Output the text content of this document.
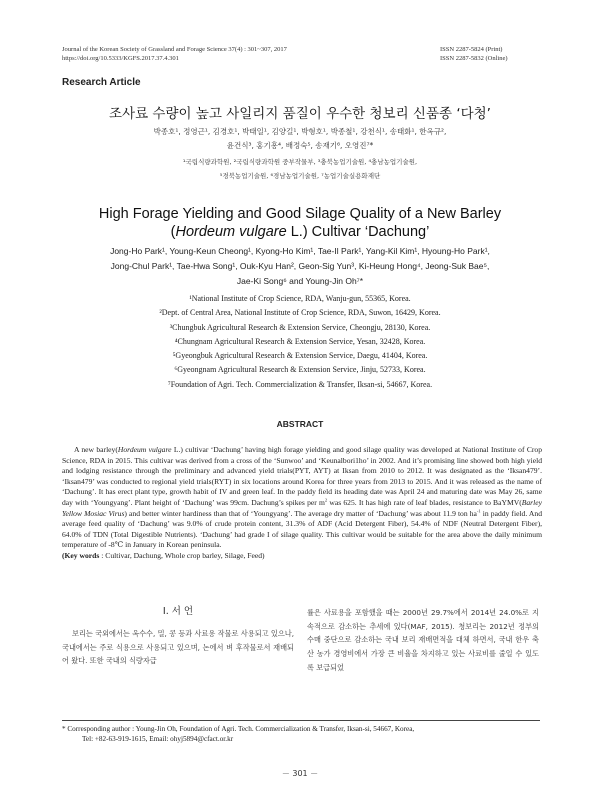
Journal of the Korean Society of Grassland and Forage Science 37(4) : 301~307, 2017
https://doi.org/10.5333/KGFS.2017.37.4.301
ISSN 2287-5824 (Print)
ISSN 2287-5832 (Online)
Research Article
조사료 수량이 높고 사일리지 품질이 우수한 청보리 신품종 ‘다청’
박종호¹, 정영근¹, 김경호¹, 박태일¹, 김양길¹, 박형호¹, 박종철¹, 강천식¹, 송태화¹, 한옥규²,
윤건식³, 홍기흥⁴, 배정숙⁵, 송재기⁶, 오영진⁷*
¹국립식량과학원, ²국립식량과학원 중부작물부, ³충북농업기술원, ⁴충남농업기술원,
⁵경북농업기술원, ⁶경남농업기술원, ⁷농업기술실용화재단
High Forage Yielding and Good Silage Quality of a New Barley
(Hordeum vulgare L.) Cultivar ‘Dachung’
Jong-Ho Park¹, Young-Keun Cheong¹, Kyong-Ho Kim¹, Tae-Il Park¹, Yang-Kil Kim¹, Hyoung-Ho Park¹,
Jong-Chul Park¹, Tae-Hwa Song¹, Ouk-Kyu Han², Geon-Sig Yun³, Ki-Heung Hong⁴, Jeong-Suk Bae⁵,
Jae-Ki Song⁶ and Young-Jin Oh⁷*
¹National Institute of Crop Science, RDA, Wanju-gun, 55365, Korea.
²Dept. of Central Area, National Institute of Crop Science, RDA, Suwon, 16429, Korea.
³Chungbuk Agricultural Research & Extension Service, Cheongju, 28130, Korea.
⁴Chungnam Agricultural Research & Extension Service, Yesan, 32428, Korea.
⁵Gyeongbuk Agricultural Research & Extension Service, Daegu, 41404, Korea.
⁶Gyeongnam Agricultural Research & Extension Service, Jinju, 52733, Korea.
⁷Foundation of Agri. Tech. Commercialization & Transfer, Iksan-si, 54667, Korea.
ABSTRACT
A new barley(Hordeum vulgare L.) cultivar ‘Dachung’ having high forage yielding and good silage quality was developed at National Institute of Crop Science, RDA in 2015. This cultivar was derived from a cross of the ‘Sunwoo’ and ‘Keunalbori1ho’ in 2002. And it’s promising line showed both high yield and lodging resistance through the preliminary and advanced yield trials(PYT, AYT) at Iksan from 2010 to 2012. It was designated as the ‘Iksan479’. ‘Iksan479’ was conducted to regional yield trials(RYT) in six locations around Korea for three years from 2013 to 2015. And it was released as the name of ‘Dachung’. It has erect plant type, growth habit of IV and green leaf. In the paddy field its heading date was April 24 and maturing date was May 26, same day with ‘Youngyang’. Plant height of ‘Dachung’ was 99cm. Dachung’s spikes per $m^2$ was 625. It has high rate of leaf blades, resistance to BaYMV(Barley Yellow Mosiac Virus) and better winter hardiness than that of ‘Youngyang’. The average dry matter of ‘Dachung’ was about 11.9 ton $ha^{-1}$ in paddy field. And average feed quality of ‘Dachung’ was 9.0% of crude protein content, 31.3% of ADF (Acid Detergent Fiber), 54.4% of NDF (Neutral Detergent Fiber), 64.0% of TDN (Total Digestible Nutrients). ‘Dachung’ had grade I of silage quality. This cultivar would be suitable for the area above the daily minimum temperature of -8℃ in January in Korean peninsula.
(Key words : Cultivar, Dachung, Whole crop barley, Silage, Feed)
Ⅰ. 서 언
보리는 국외에서는 옥수수, 밀, 콩 등과 사료용 작물로 사용되고 있으나, 국내에서는 주로 식용으로 사용되고 있으며, 논에서 벼 후작물로서 재배되어 왔다. 또한 국내의 식량자급
률은 사료용을 포함했을 때는 2000년 29.7%에서 2014년 24.0%로 지속적으로 감소하는 추세에 있다(MAF, 2015). 청보리는 2012년 정부의 수매 중단으로 감소하는 국내 보리 재배면적을 대체 하면서, 국내 한우 축산 농가 경영비에서 가장 큰 비율을 차지하고 있는 사료비를 줄일 수 있도록 보급되었
* Corresponding author : Young-Jin Oh, Foundation of Agri. Tech. Commercialization & Transfer, Iksan-si, 54667, Korea,
Tel: +82-63-919-1615, Email: ohyj5894@cfact.or.kr
－ 301 －
